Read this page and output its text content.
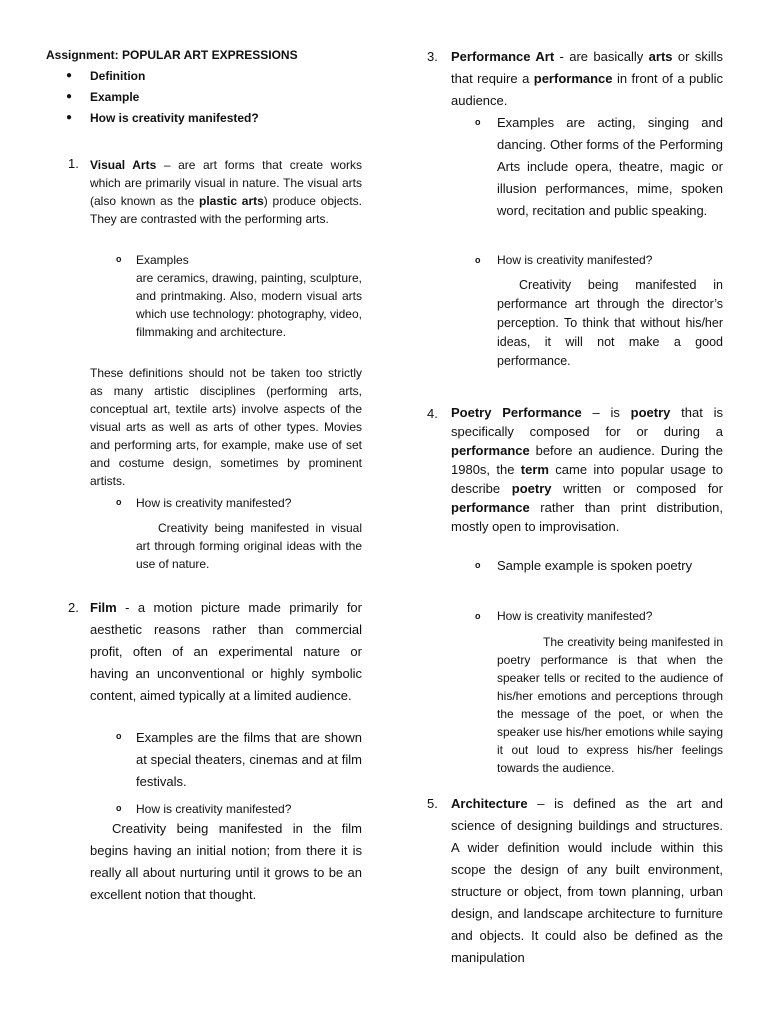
Assignment: POPULAR ART EXPRESSIONS
● Definition
● Example
● How is creativity manifested?
1. Visual Arts – are art forms that create works which are primarily visual in nature. The visual arts (also known as the plastic arts) produce objects. They are contrasted with the performing arts.
o Examples
are ceramics, drawing, painting, sculpture, and printmaking. Also, modern visual arts which use technology: photography, video, filmmaking and architecture.
These definitions should not be taken too strictly as many artistic disciplines (performing arts, conceptual art, textile arts) involve aspects of the visual arts as well as arts of other types. Movies and performing arts, for example, make use of set and costume design, sometimes by prominent artists.
o How is creativity manifested?
Creativity being manifested in visual art through forming original ideas with the use of nature.
2. Film - a motion picture made primarily for aesthetic reasons rather than commercial profit, often of an experimental nature or having an unconventional or highly symbolic content, aimed typically at a limited audience.
o Examples are the films that are shown at special theaters, cinemas and at film festivals.
o How is creativity manifested?
Creativity being manifested in the film begins having an initial notion; from there it is really all about nurturing until it grows to be an excellent notion that thought.
3. Performance Art - are basically arts or skills that require a performance in front of a public audience.
o Examples are acting, singing and dancing. Other forms of the Performing Arts include opera, theatre, magic or illusion performances, mime, spoken word, recitation and public speaking.
o How is creativity manifested?
Creativity being manifested in performance art through the director’s perception. To think that without his/her ideas, it will not make a good performance.
4. Poetry Performance – is poetry that is specifically composed for or during a performance before an audience. During the 1980s, the term came into popular usage to describe poetry written or composed for performance rather than print distribution, mostly open to improvisation.
o Sample example is spoken poetry
o How is creativity manifested?
The creativity being manifested in poetry performance is that when the speaker tells or recited to the audience of his/her emotions and perceptions through the message of the poet, or when the speaker use his/her emotions while saying it out loud to express his/her feelings towards the audience.
5. Architecture – is defined as the art and science of designing buildings and structures. A wider definition would include within this scope the design of any built environment, structure or object, from town planning, urban design, and landscape architecture to furniture and objects. It could also be defined as the manipulation
